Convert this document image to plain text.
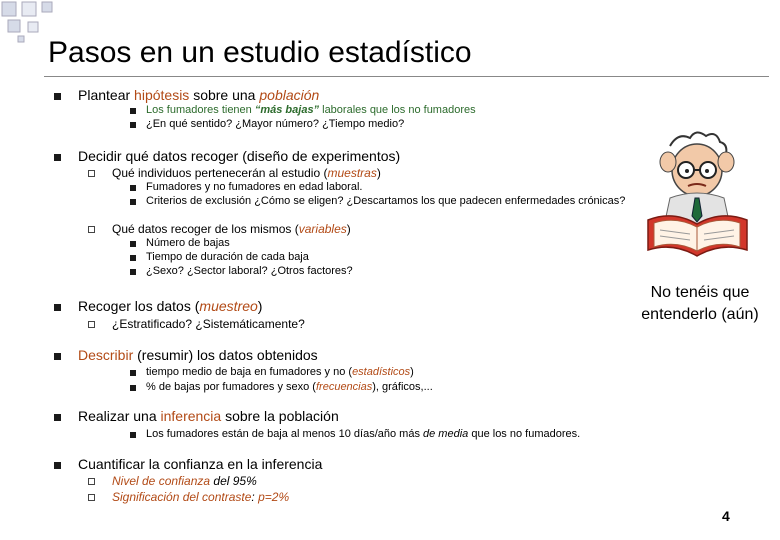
Pasos en un estudio estadístico
Plantear hipótesis sobre una población
Los fumadores tienen “más bajas” laborales que los no fumadores
¿En qué sentido? ¿Mayor número? ¿Tiempo medio?
Decidir qué datos recoger (diseño de experimentos)
Qué individuos pertenecerán al estudio (muestras)
Fumadores y no fumadores en edad laboral.
Criterios de exclusión ¿Cómo se eligen? ¿Descartamos los que padecen enfermedades crónicas?
Qué datos recoger de los mismos (variables)
Número de bajas
Tiempo de duración de cada baja
¿Sexo? ¿Sector laboral? ¿Otros factores?
Recoger los datos (muestreo)
¿Estratificado? ¿Sistemáticamente?
Describir (resumir) los datos obtenidos
tiempo medio de baja en fumadores y no (estadísticos)
% de bajas por fumadores y sexo (frecuencias), gráficos,...
Realizar una inferencia sobre la población
Los fumadores están de baja al menos 10 días/año más de media que los no fumadores.
Cuantificar la confianza en la inferencia
Nivel de confianza del 95%
Significación del contraste: p=2%
No tenéis que entenderlo (aún)
4
